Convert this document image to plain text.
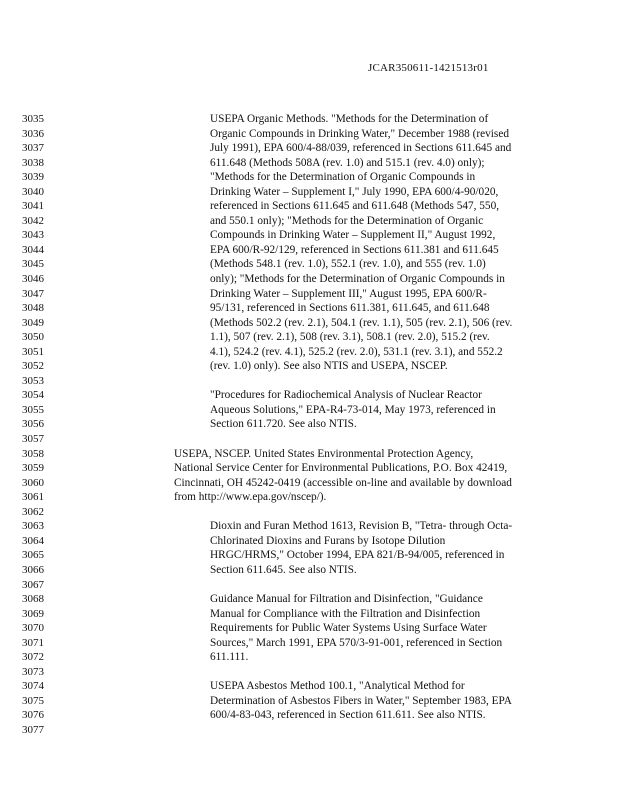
JCAR350611-1421513r01
3035	USEPA Organic Methods. "Methods for the Determination of
3036	Organic Compounds in Drinking Water," December 1988 (revised
3037	July 1991), EPA 600/4-88/039, referenced in Sections 611.645 and
3038	611.648 (Methods 508A (rev. 1.0) and 515.1 (rev. 4.0) only);
3039	"Methods for the Determination of Organic Compounds in
3040	Drinking Water – Supplement I," July 1990, EPA 600/4-90/020,
3041	referenced in Sections 611.645 and 611.648 (Methods 547, 550,
3042	and 550.1 only); "Methods for the Determination of Organic
3043	Compounds in Drinking Water – Supplement II," August 1992,
3044	EPA 600/R-92/129, referenced in Sections 611.381 and 611.645
3045	(Methods 548.1 (rev. 1.0), 552.1 (rev. 1.0), and 555 (rev. 1.0)
3046	only); "Methods for the Determination of Organic Compounds in
3047	Drinking Water – Supplement III," August 1995, EPA 600/R-
3048	95/131, referenced in Sections 611.381, 611.645, and 611.648
3049	(Methods 502.2 (rev. 2.1), 504.1 (rev. 1.1), 505 (rev. 2.1), 506 (rev.
3050	1.1), 507 (rev. 2.1), 508 (rev. 3.1), 508.1 (rev. 2.0), 515.2 (rev.
3051	4.1), 524.2 (rev. 4.1), 525.2 (rev. 2.0), 531.1 (rev. 3.1), and 552.2
3052	(rev. 1.0) only). See also NTIS and USEPA, NSCEP.
3053
3054	"Procedures for Radiochemical Analysis of Nuclear Reactor
3055	Aqueous Solutions," EPA-R4-73-014, May 1973, referenced in
3056	Section 611.720. See also NTIS.
3057
3058	USEPA, NSCEP. United States Environmental Protection Agency,
3059	National Service Center for Environmental Publications, P.O. Box 42419,
3060	Cincinnati, OH 45242-0419 (accessible on-line and available by download
3061	from http://www.epa.gov/nscep/).
3062
3063	Dioxin and Furan Method 1613, Revision B, "Tetra- through Octa-
3064	Chlorinated Dioxins and Furans by Isotope Dilution
3065	HRGC/HRMS," October 1994, EPA 821/B-94/005, referenced in
3066	Section 611.645. See also NTIS.
3067
3068	Guidance Manual for Filtration and Disinfection, "Guidance
3069	Manual for Compliance with the Filtration and Disinfection
3070	Requirements for Public Water Systems Using Surface Water
3071	Sources," March 1991, EPA 570/3-91-001, referenced in Section
3072	611.111.
3073
3074	USEPA Asbestos Method 100.1, "Analytical Method for
3075	Determination of Asbestos Fibers in Water," September 1983, EPA
3076	600/4-83-043, referenced in Section 611.611. See also NTIS.
3077
